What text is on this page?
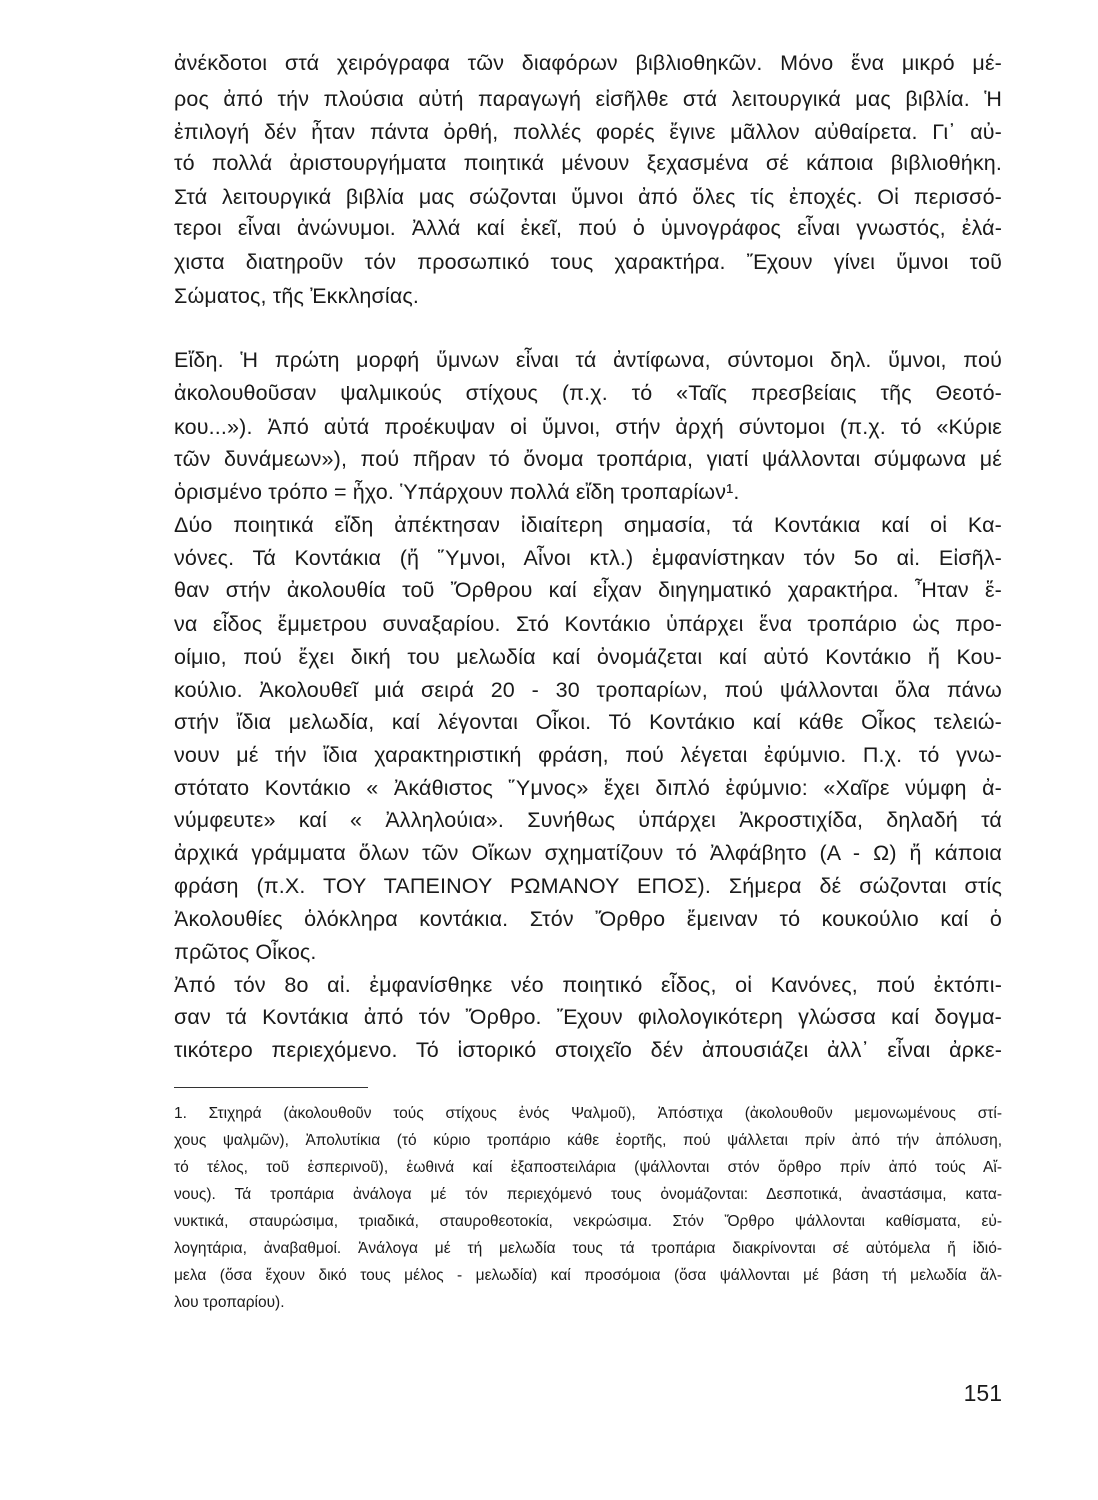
ἀνέκδοτοι στά χειρόγραφα τῶν διαφόρων βιβλιοθηκῶν. Μόνο ἕνα μικρό μέ-
ρος ἀπό τήν πλούσια αὐτή παραγωγή εἰσῆλθε στά λειτουργικά μας βιβλία. Ἡ
ἐπιλογή δέν ἦταν πάντα ὀρθή, πολλές φορές ἔγινε μᾶλλον αὐθαίρετα. Γι᾽ αὐ-
τό πολλά ἀριστουργήματα ποιητικά μένουν ξεχασμένα σέ κάποια βιβλιοθήκη.
Στά λειτουργικά βιβλία μας σώζονται ὕμνοι ἀπό ὅλες τίς ἐποχές. Οἱ περισσό-
τεροι εἶναι ἀνώνυμοι. Ἀλλά καί ἐκεῖ, πού ὁ ὑμνογράφος εἶναι γνωστός, ἐλά-
χιστα διατηροῦν τόν προσωπικό τους χαρακτήρα. Ἔχουν γίνει ὕμνοι τοῦ
Σώματος, τῆς Ἐκκλησίας.
Εἴδη. Ἡ πρώτη μορφή ὕμνων εἶναι τά ἀντίφωνα, σύντομοι δηλ. ὕμνοι, πού
ἀκολουθοῦσαν ψαλμικούς στίχους (π.χ. τό «Ταῖς πρεσβείαις τῆς Θεοτό-
κου...»). Ἀπό αὐτά προέκυψαν οἱ ὕμνοι, στήν ἀρχή σύντομοι (π.χ. τό «Κύριε
τῶν δυνάμεων»), πού πῆραν τό ὄνομα τροπάρια, γιατί ψάλλονται σύμφωνα μέ
ὁρισμένο τρόπο = ἦχο. Ὑπάρχουν πολλά εἴδη τροπαρίων¹.
Δύο ποιητικά εἴδη ἀπέκτησαν ἰδιαίτερη σημασία, τά Κοντάκια καί οἱ Κα-
νόνες. Τά Κοντάκια (ἤ Ὕμνοι, Αἶνοι κτλ.) ἐμφανίστηκαν τόν 5ο αἰ. Εἰσῆλ-
θαν στήν ἀκολουθία τοῦ Ὄρθρου καί εἶχαν διηγηματικό χαρακτήρα. Ἦταν ἕ-
να εἶδος ἔμμετρου συναξαρίου. Στό Κοντάκιο ὑπάρχει ἕνα τροπάριο ὡς προ-
οίμιο, πού ἔχει δική του μελωδία καί ὀνομάζεται καί αὐτό Κοντάκιο ἤ Κου-
κούλιο. Ἀκολουθεῖ μιά σειρά 20 - 30 τροπαρίων, πού ψάλλονται ὅλα πάνω
στήν ἴδια μελωδία, καί λέγονται Οἶκοι. Τό Κοντάκιο καί κάθε Οἶκος τελειώ-
νουν μέ τήν ἴδια χαρακτηριστική φράση, πού λέγεται ἐφύμνιο. Π.χ. τό γνω-
στότατο Κοντάκιο « Ἀκάθιστος Ὕμνος» ἔχει διπλό ἐφύμνιο: «Χαῖρε νύμφη ἀ-
νύμφευτε» καί « Ἀλληλούια». Συνήθως ὑπάρχει Ἀκροστιχίδα, δηλαδή τά
ἀρχικά γράμματα ὅλων τῶν Οἴκων σχηματίζουν τό Ἀλφάβητο (Α - Ω) ἤ κάποια
φράση (π.Χ. ΤΟΥ ΤΑΠΕΙΝΟΥ ΡΩΜΑΝΟΥ ΕΠΟΣ). Σήμερα δέ σώζονται στίς
Ἀκολουθίες ὁλόκληρα κοντάκια. Στόν Ὄρθρο ἔμειναν τό κουκούλιο καί ὁ
πρῶτος Οἶκος.
Ἀπό τόν 8ο αἰ. ἐμφανίσθηκε νέο ποιητικό εἶδος, οἱ Κανόνες, πού ἐκτόπι-
σαν τά Κοντάκια ἀπό τόν Ὄρθρο. Ἔχουν φιλολογικότερη γλώσσα καί δογμα-
τικότερο περιεχόμενο. Τό ἱστορικό στοιχεῖο δέν ἀπουσιάζει ἀλλ᾽ εἶναι ἀρκε-
1. Στιχηρά (ἀκολουθοῦν τούς στίχους ἑνός Ψαλμοῦ), Ἀπόστιχα (ἀκολουθοῦν μεμονωμένους στί-
χους ψαλμῶν), Ἀπολυτίκια (τό κύριο τροπάριο κάθε ἑορτῆς, πού ψάλλεται πρίν ἀπό τήν ἀπόλυση,
τό τέλος, τοῦ ἑσπερινοῦ), ἑωθινά καί ἐξαποστειλάρια (ψάλλονται στόν ὄρθρο πρίν ἀπό τούς Αἴ-
νους). Τά τροπάρια ἀνάλογα μέ τόν περιεχόμενό τους ὀνομάζονται: Δεσποτικά, ἀναστάσιμα, κατα-
νυκτικά, σταυρώσιμα, τριαδικά, σταυροθεοτοκία, νεκρώσιμα. Στόν Ὄρθρο ψάλλονται καθίσματα, εὐ-
λογητάρια, ἀναβαθμοί. Ἀνάλογα μέ τή μελωδία τους τά τροπάρια διακρίνονται σέ αὐτόμελα ἤ ἰδιό-
μελα (ὅσα ἔχουν δικό τους μέλος - μελωδία) καί προσόμοια (ὅσα ψάλλονται μέ βάση τή μελωδία ἄλ-
λου τροπαρίου).
151
